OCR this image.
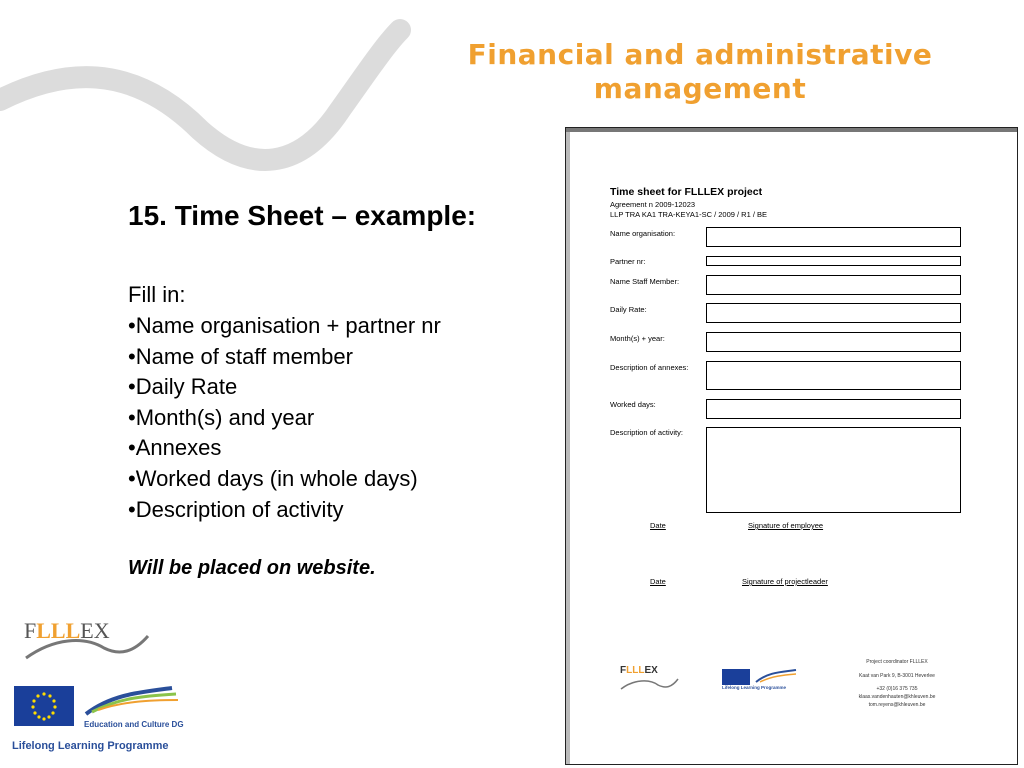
Financial and administrative management
15. Time Sheet – example:
Fill in:
•Name organisation + partner nr
•Name of staff member
•Daily Rate
•Month(s) and year
•Annexes
•Worked days (in whole days)
•Description of activity
Will be placed on website.
FLLLEX
Education and Culture DG
Lifelong Learning Programme
Time sheet for FLLLEX project
Agreement n 2009-12023
LLP TRA KA1 TRA-KEYA1-SC / 2009 / R1 / BE
Name organisation:
Partner nr:
Name Staff Member:
Daily Rate:
Month(s) + year:
Description of annexes:
Worked days:
Description of activity:
Date	Signature of employee
Date	Signature of projectleader
FLLLEX
Lifelong Learning Programme
Project coordinator FLLLEX
Kaat van Park 9, B-3001 Heverlee
+32 (0)16 375 735
klaas.vandenhauten@khleuven.be
tom.reyens@khleuven.be
